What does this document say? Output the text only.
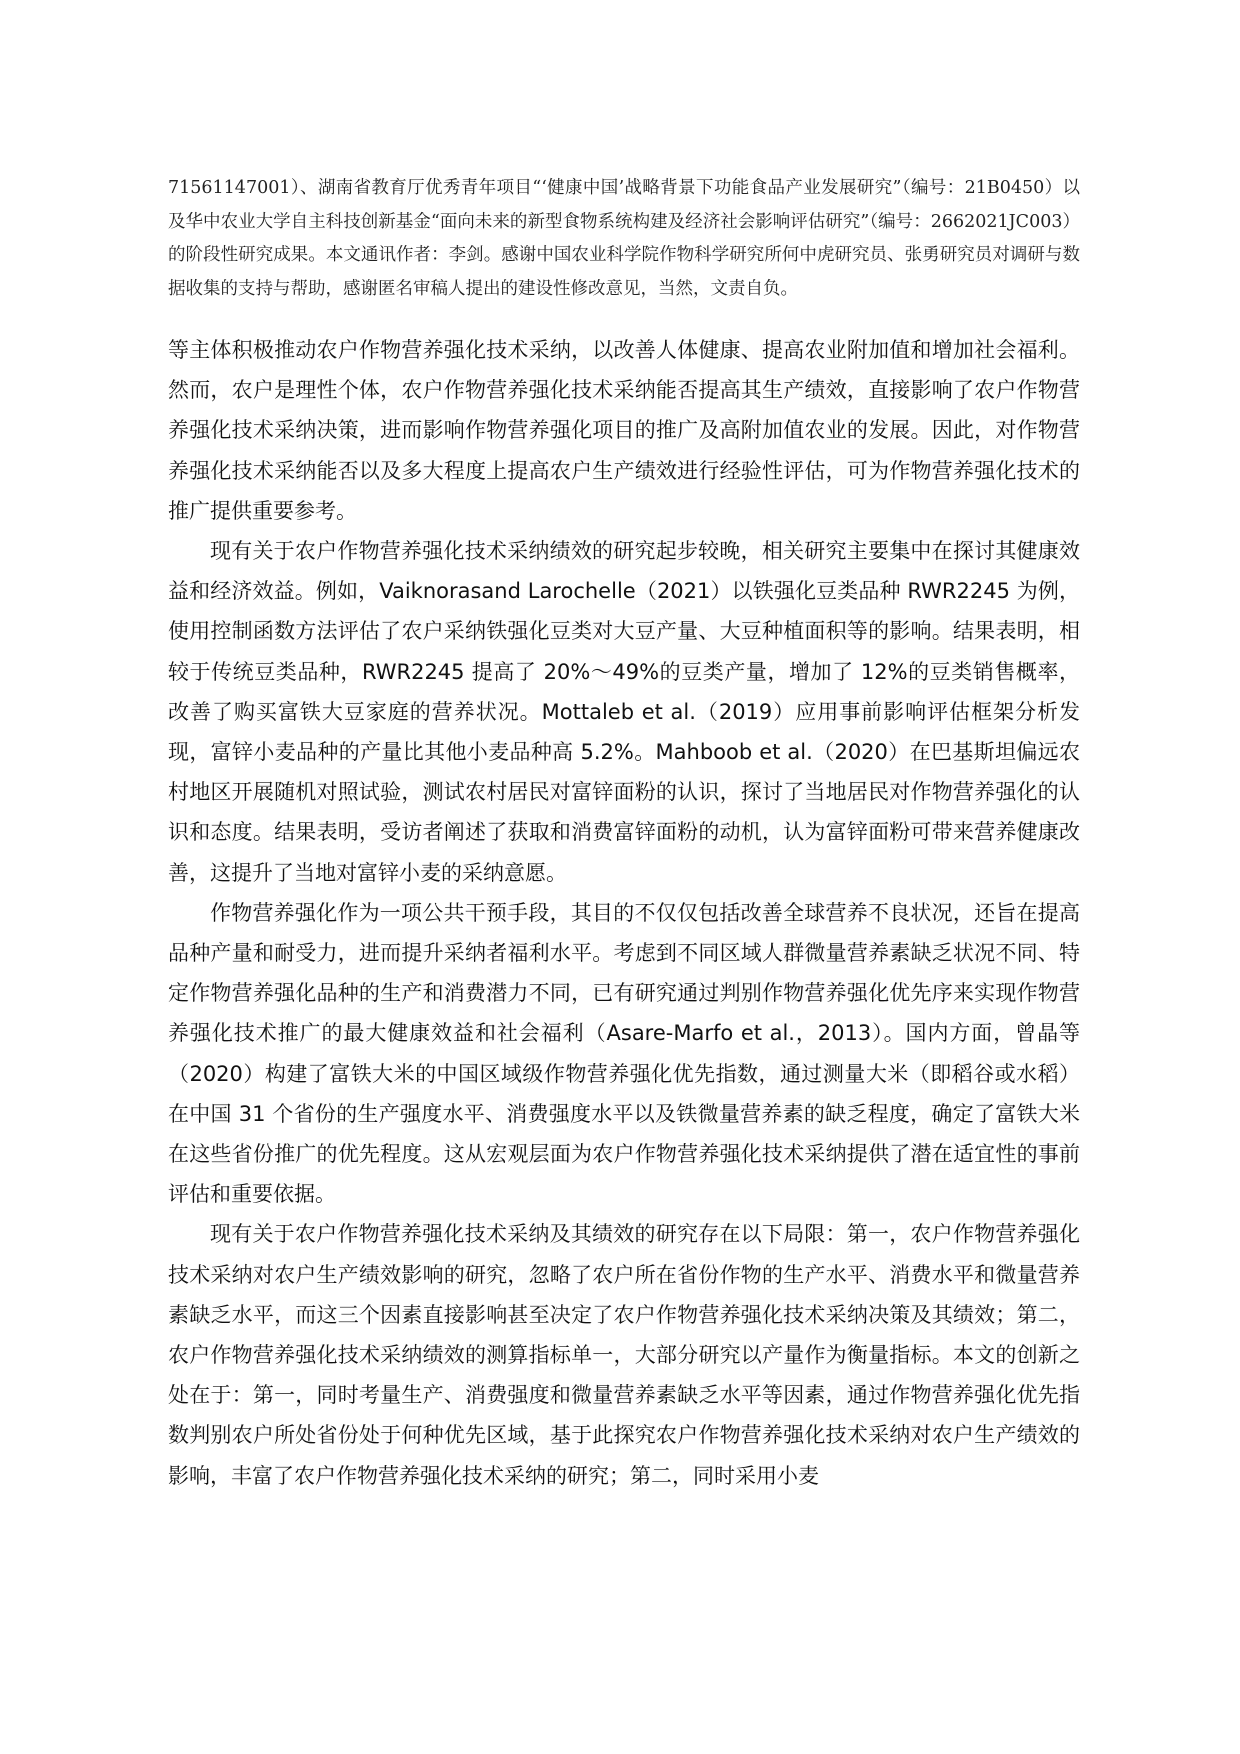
71561147001）、湖南省教育厅优秀青年项目“‘健康中国’战略背景下功能食品产业发展研究”（编号：21B0450）以及华中农业大学自主科技创新基金“面向未来的新型食物系统构建及经济社会影响评估研究”（编号：2662021JC003）的阶段性研究成果。本文通讯作者：李剑。感谢中国农业科学院作物科学研究所何中虎研究员、张勇研究员对调研与数据收集的支持与帮助，感谢匿名审稿人提出的建设性修改意见，当然，文责自负。

等主体积极推动农户作物营养强化技术采纳，以改善人体健康、提高农业附加值和增加社会福利。然而，农户是理性个体，农户作物营养强化技术采纳能否提高其生产绩效，直接影响了农户作物营养强化技术采纳决策，进而影响作物营养强化项目的推广及高附加值农业的发展。因此，对作物营养强化技术采纳能否以及多大程度上提高农户生产绩效进行经验性评估，可为作物营养强化技术的推广提供重要参考。

现有关于农户作物营养强化技术采纳绩效的研究起步较晚，相关研究主要集中在探讨其健康效益和经济效益。例如，Vaiknorasand Larochelle（2021）以铁强化豆类品种 RWR2245 为例，使用控制函数方法评估了农户采纳铁强化豆类对大豆产量、大豆种植面积等的影响。结果表明，相较于传统豆类品种，RWR2245 提高了 20%～49%的豆类产量，增加了 12%的豆类销售概率，改善了购买富铁大豆家庭的营养状况。Mottaleb et al.（2019）应用事前影响评估框架分析发现，富锌小麦品种的产量比其他小麦品种高 5.2%。Mahboob et al.（2020）在巴基斯坦偏远农村地区开展随机对照试验，测试农村居民对富锌面粉的认识，探讨了当地居民对作物营养强化的认识和态度。结果表明，受访者阐述了获取和消费富锌面粉的动机，认为富锌面粉可带来营养健康改善，这提升了当地对富锌小麦的采纳意愿。

作物营养强化作为一项公共干预手段，其目的不仅仅包括改善全球营养不良状况，还旨在提高品种产量和耐受力，进而提升采纳者福利水平。考虑到不同区域人群微量营养素缺乏状况不同、特定作物营养强化品种的生产和消费潜力不同，已有研究通过判别作物营养强化优先序来实现作物营养强化技术推广的最大健康效益和社会福利（Asare-Marfo et al.，2013）。国内方面，曾晶等（2020）构建了富铁大米的中国区域级作物营养强化优先指数，通过测量大米（即稻谷或水稻）在中国 31 个省份的生产强度水平、消费强度水平以及铁微量营养素的缺乏程度，确定了富铁大米在这些省份推广的优先程度。这从宏观层面为农户作物营养强化技术采纳提供了潜在适宜性的事前评估和重要依据。

现有关于农户作物营养强化技术采纳及其绩效的研究存在以下局限：第一，农户作物营养强化技术采纳对农户生产绩效影响的研究，忽略了农户所在省份作物的生产水平、消费水平和微量营养素缺乏水平，而这三个因素直接影响甚至决定了农户作物营养强化技术采纳决策及其绩效；第二，农户作物营养强化技术采纳绩效的测算指标单一，大部分研究以产量作为衡量指标。本文的创新之处在于：第一，同时考量生产、消费强度和微量营养素缺乏水平等因素，通过作物营养强化优先指数判别农户所处省份处于何种优先区域，基于此探究农户作物营养强化技术采纳对农户生产绩效的影响，丰富了农户作物营养强化技术采纳的研究；第二，同时采用小麦
